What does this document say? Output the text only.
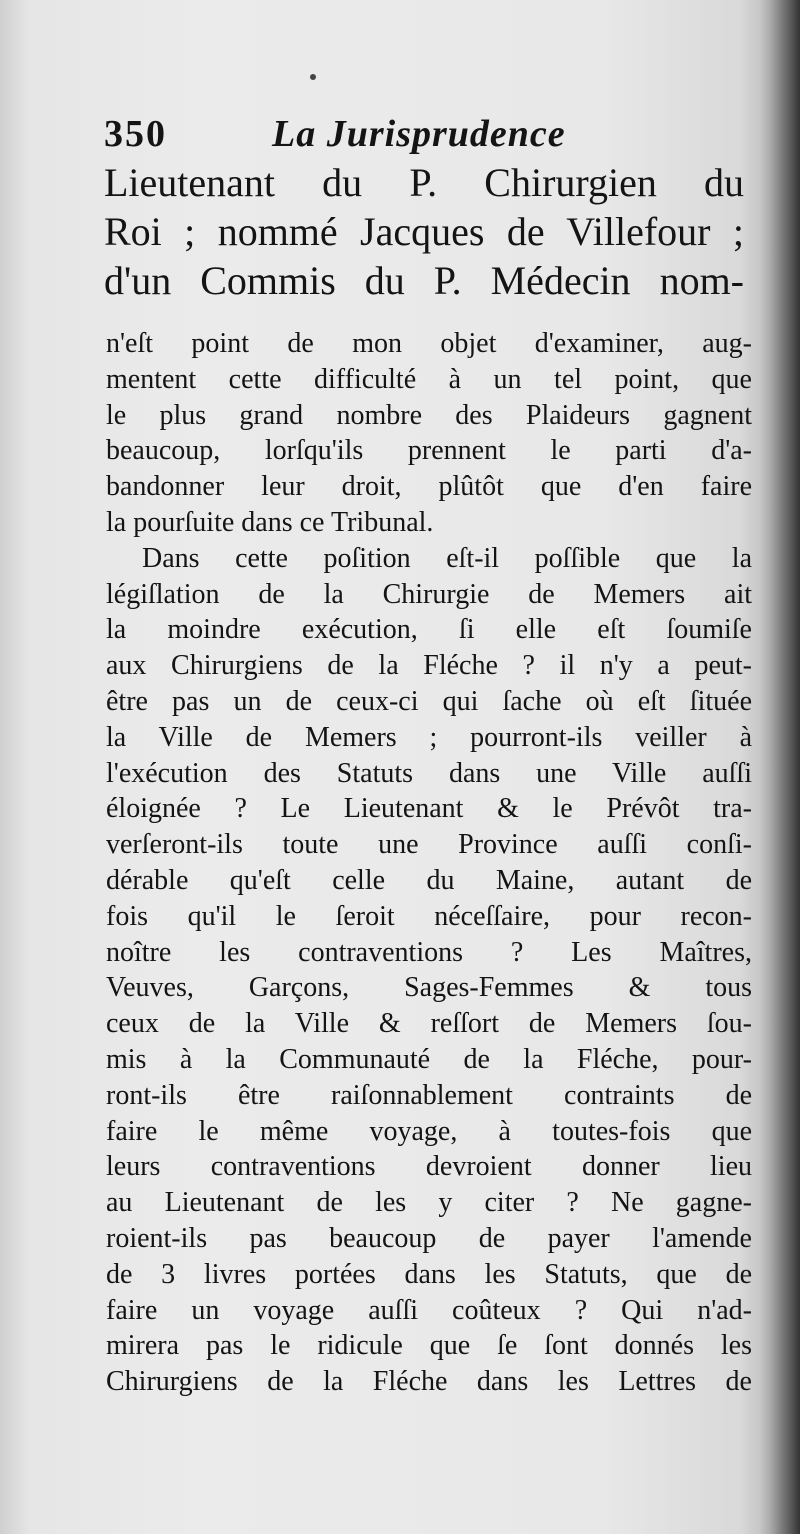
350	La Jurisprudence
Lieutenant du P. Chirurgien du
Roi ; nommé Jacques de Villefour ;
d'un Commis du P. Médecin nom-
n'eſt point de mon objet d'examiner, aug-
mentent cette difficulté à un tel point, que
le plus grand nombre des Plaideurs gagnent
beaucoup, lorſqu'ils prennent le parti d'a-
bandonner leur droit, plûtôt que d'en faire
la pourſuite dans ce Tribunal.
Dans cette poſition eſt-il poſſible que la
légiſlation de la Chirurgie de Memers ait
la moindre exécution, ſi elle eſt ſoumiſe
aux Chirurgiens de la Fléche ? il n'y a peut-
être pas un de ceux-ci qui ſache où eſt ſituée
la Ville de Memers ; pourront-ils veiller à
l'exécution des Statuts dans une Ville auſſi
éloignée ? Le Lieutenant & le Prévôt tra-
verſeront-ils toute une Province auſſi conſi-
dérable qu'eſt celle du Maine, autant de
fois qu'il le ſeroit néceſſaire, pour recon-
noître les contraventions ? Les Maîtres,
Veuves, Garçons, Sages-Femmes & tous
ceux de la Ville & reſſort de Memers ſou-
mis à la Communauté de la Fléche, pour-
ront-ils être raiſonnablement contraints de
faire le même voyage, à toutes-fois que
leurs contraventions devroient donner lieu
au Lieutenant de les y citer ? Ne gagne-
roient-ils pas beaucoup de payer l'amende
de 3 livres portées dans les Statuts, que de
faire un voyage auſſi coûteux ? Qui n'ad-
mirera pas le ridicule que ſe ſont donnés les
Chirurgiens de la Fléche dans les Lettres de
